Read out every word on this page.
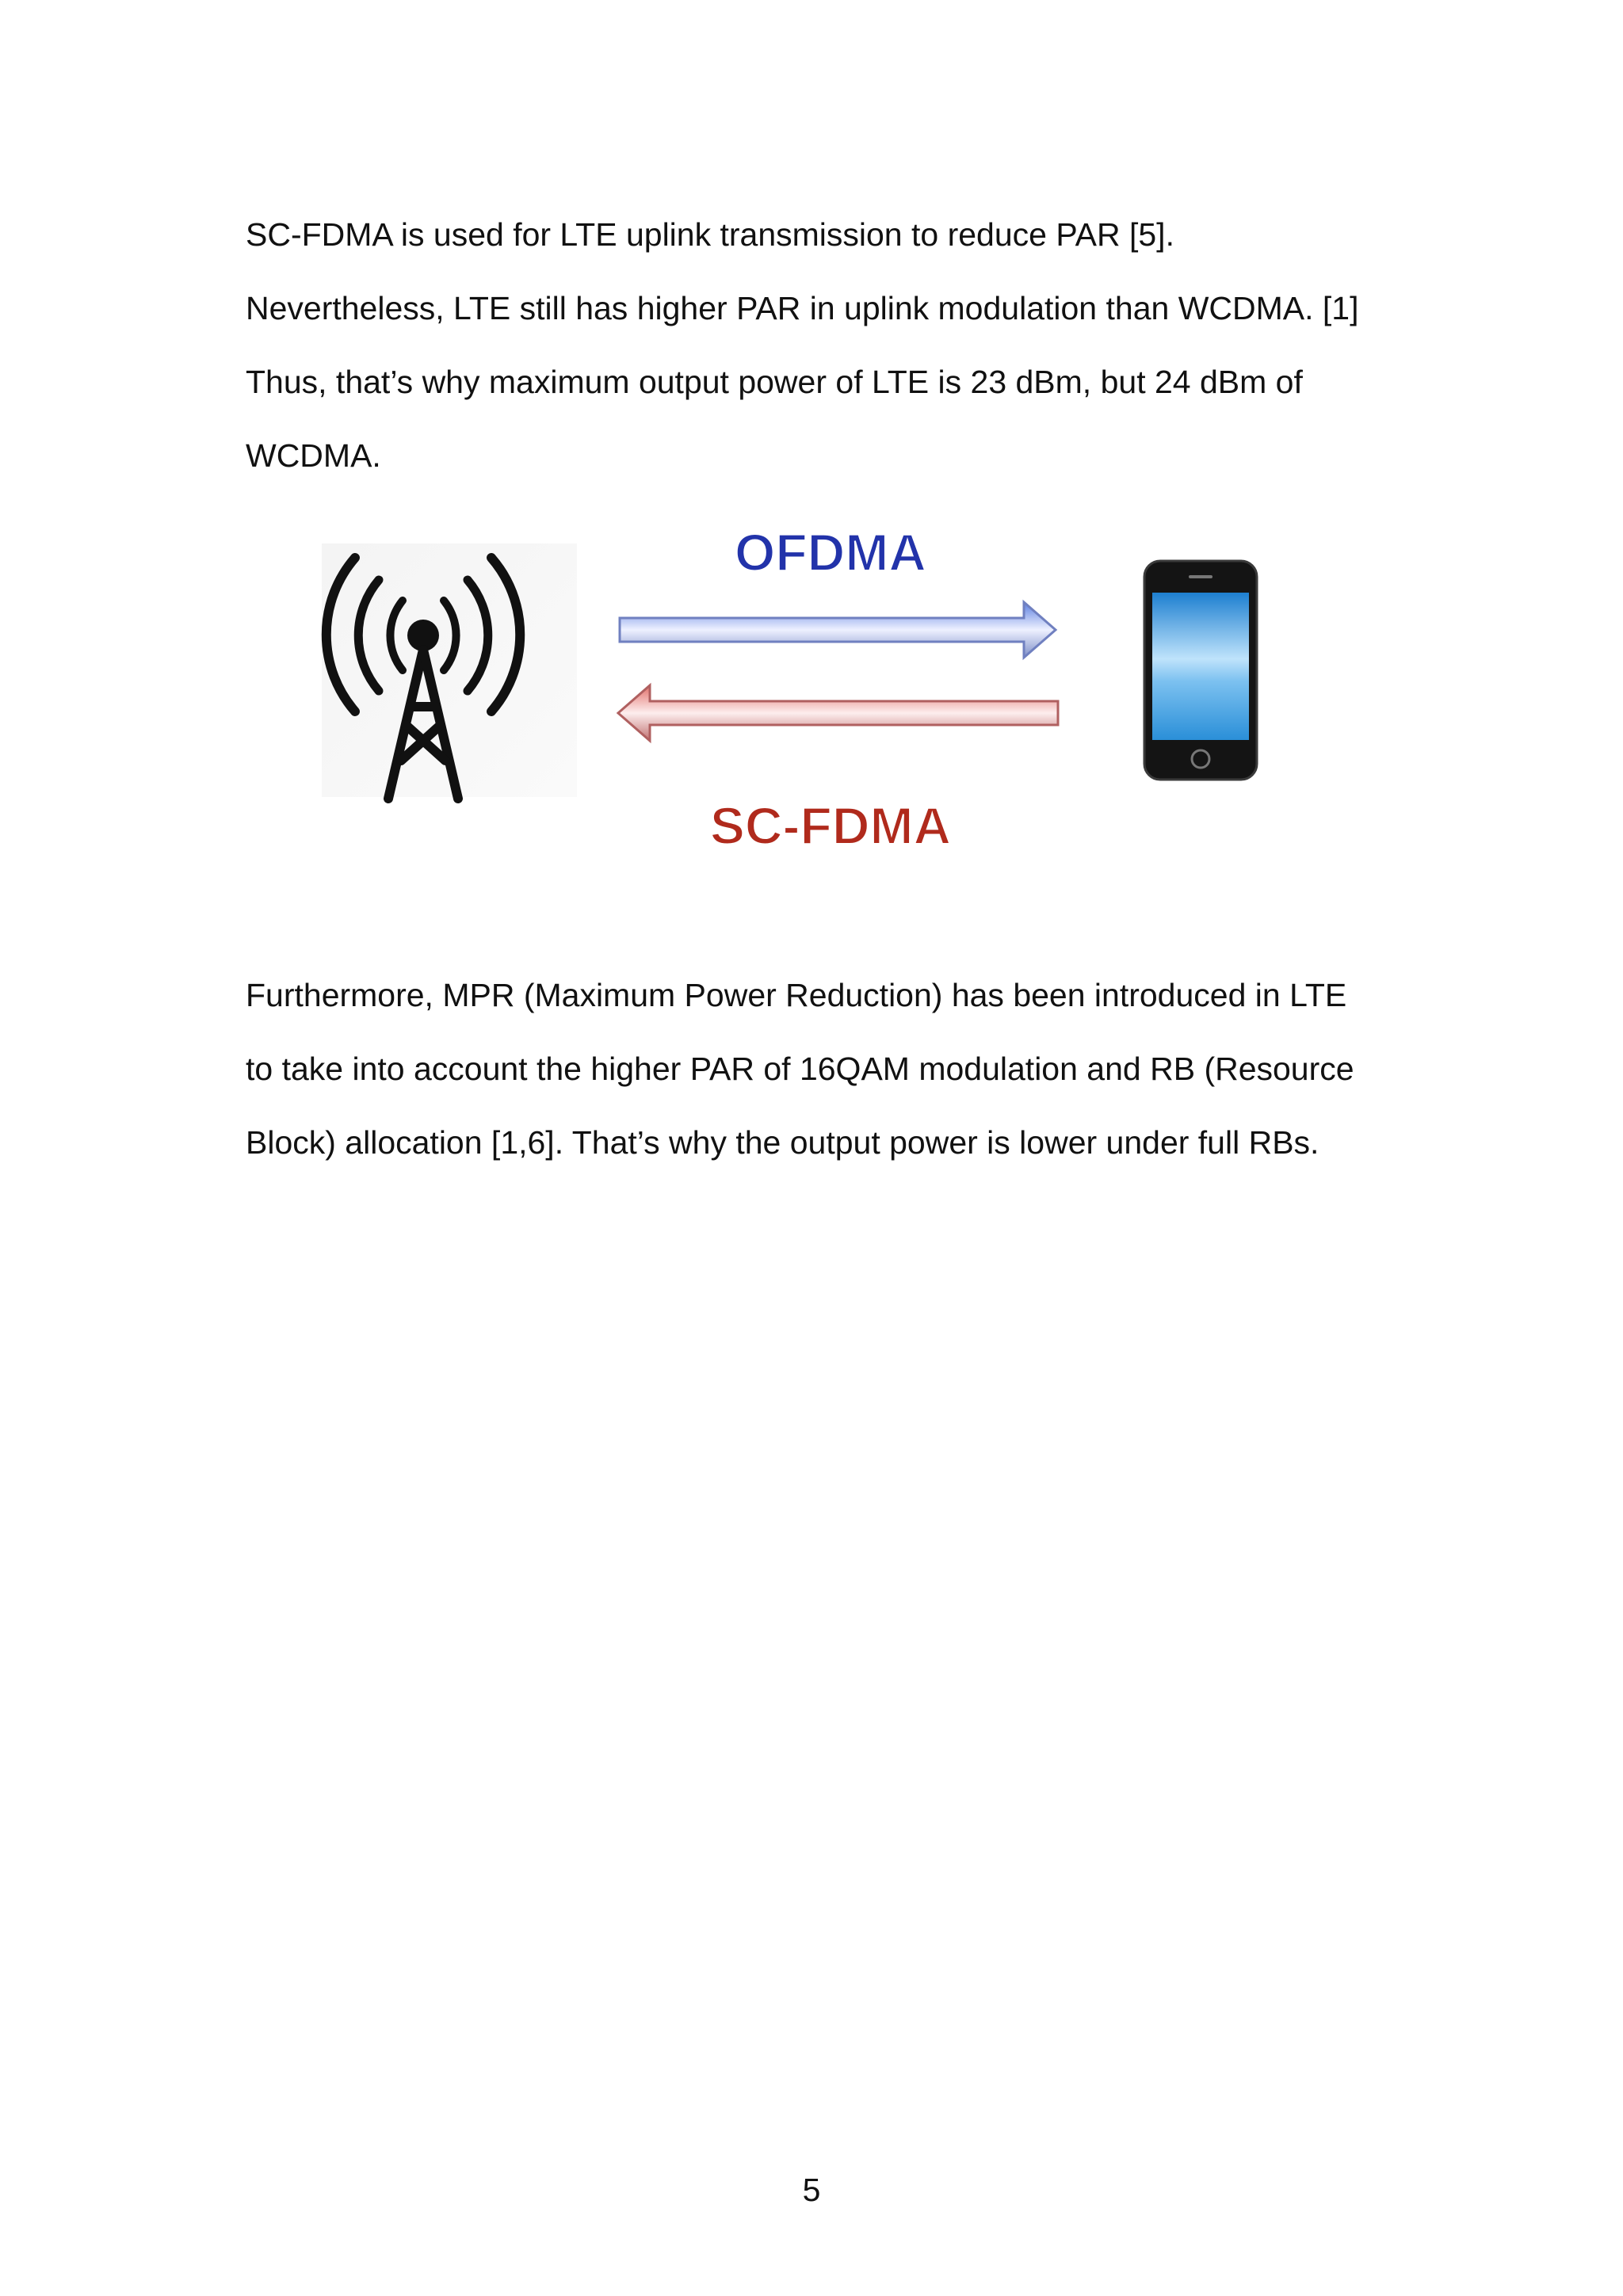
SC-FDMA is used for LTE uplink transmission to reduce PAR [5].
Nevertheless, LTE still has higher PAR in uplink modulation than WCDMA. [1]
Thus, that’s why maximum output power of LTE is 23 dBm, but 24 dBm of
WCDMA.
OFDMA
SC-FDMA
Furthermore, MPR (Maximum Power Reduction) has been introduced in LTE
to take into account the higher PAR of 16QAM modulation and RB (Resource
Block) allocation [1,6]. That’s why the output power is lower under full RBs.
5
